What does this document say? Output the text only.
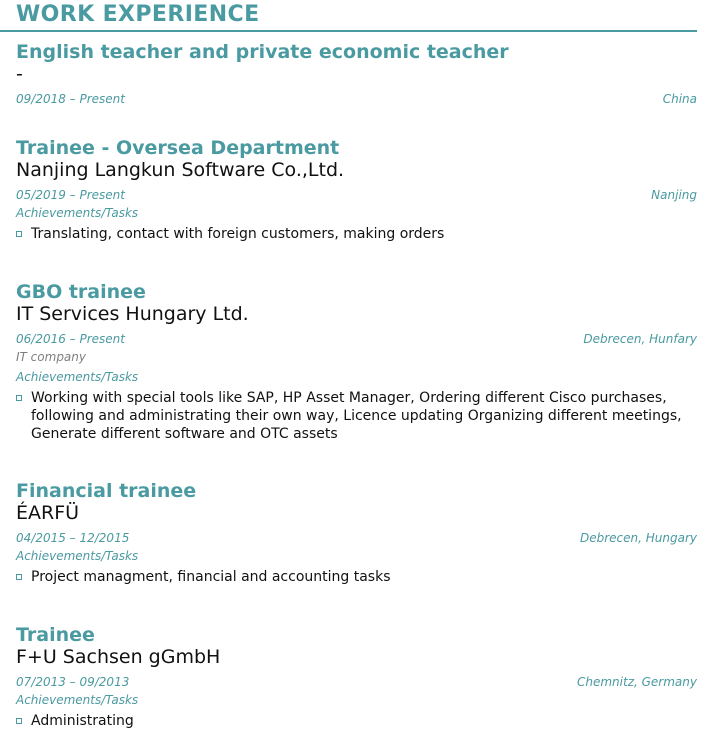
WORK EXPERIENCE
English teacher and private economic teacher
-
09/2018 – Present	China
Trainee - Oversea Department
Nanjing Langkun Software Co.,Ltd.
05/2019 – Present	Nanjing
Achievements/Tasks
Translating, contact with foreign customers, making orders
GBO trainee
IT Services Hungary Ltd.
06/2016 – Present	Debrecen, Hunfary
IT company
Achievements/Tasks
Working with special tools like SAP, HP Asset Manager, Ordering different Cisco purchases, following and administrating their own way, Licence updating Organizing different meetings, Generate different software and OTC assets
Financial trainee
ÉARFÜ
04/2015 – 12/2015	Debrecen, Hungary
Achievements/Tasks
Project managment, financial and accounting tasks
Trainee
F+U Sachsen gGmbH
07/2013 – 09/2013	Chemnitz, Germany
Achievements/Tasks
Administrating
